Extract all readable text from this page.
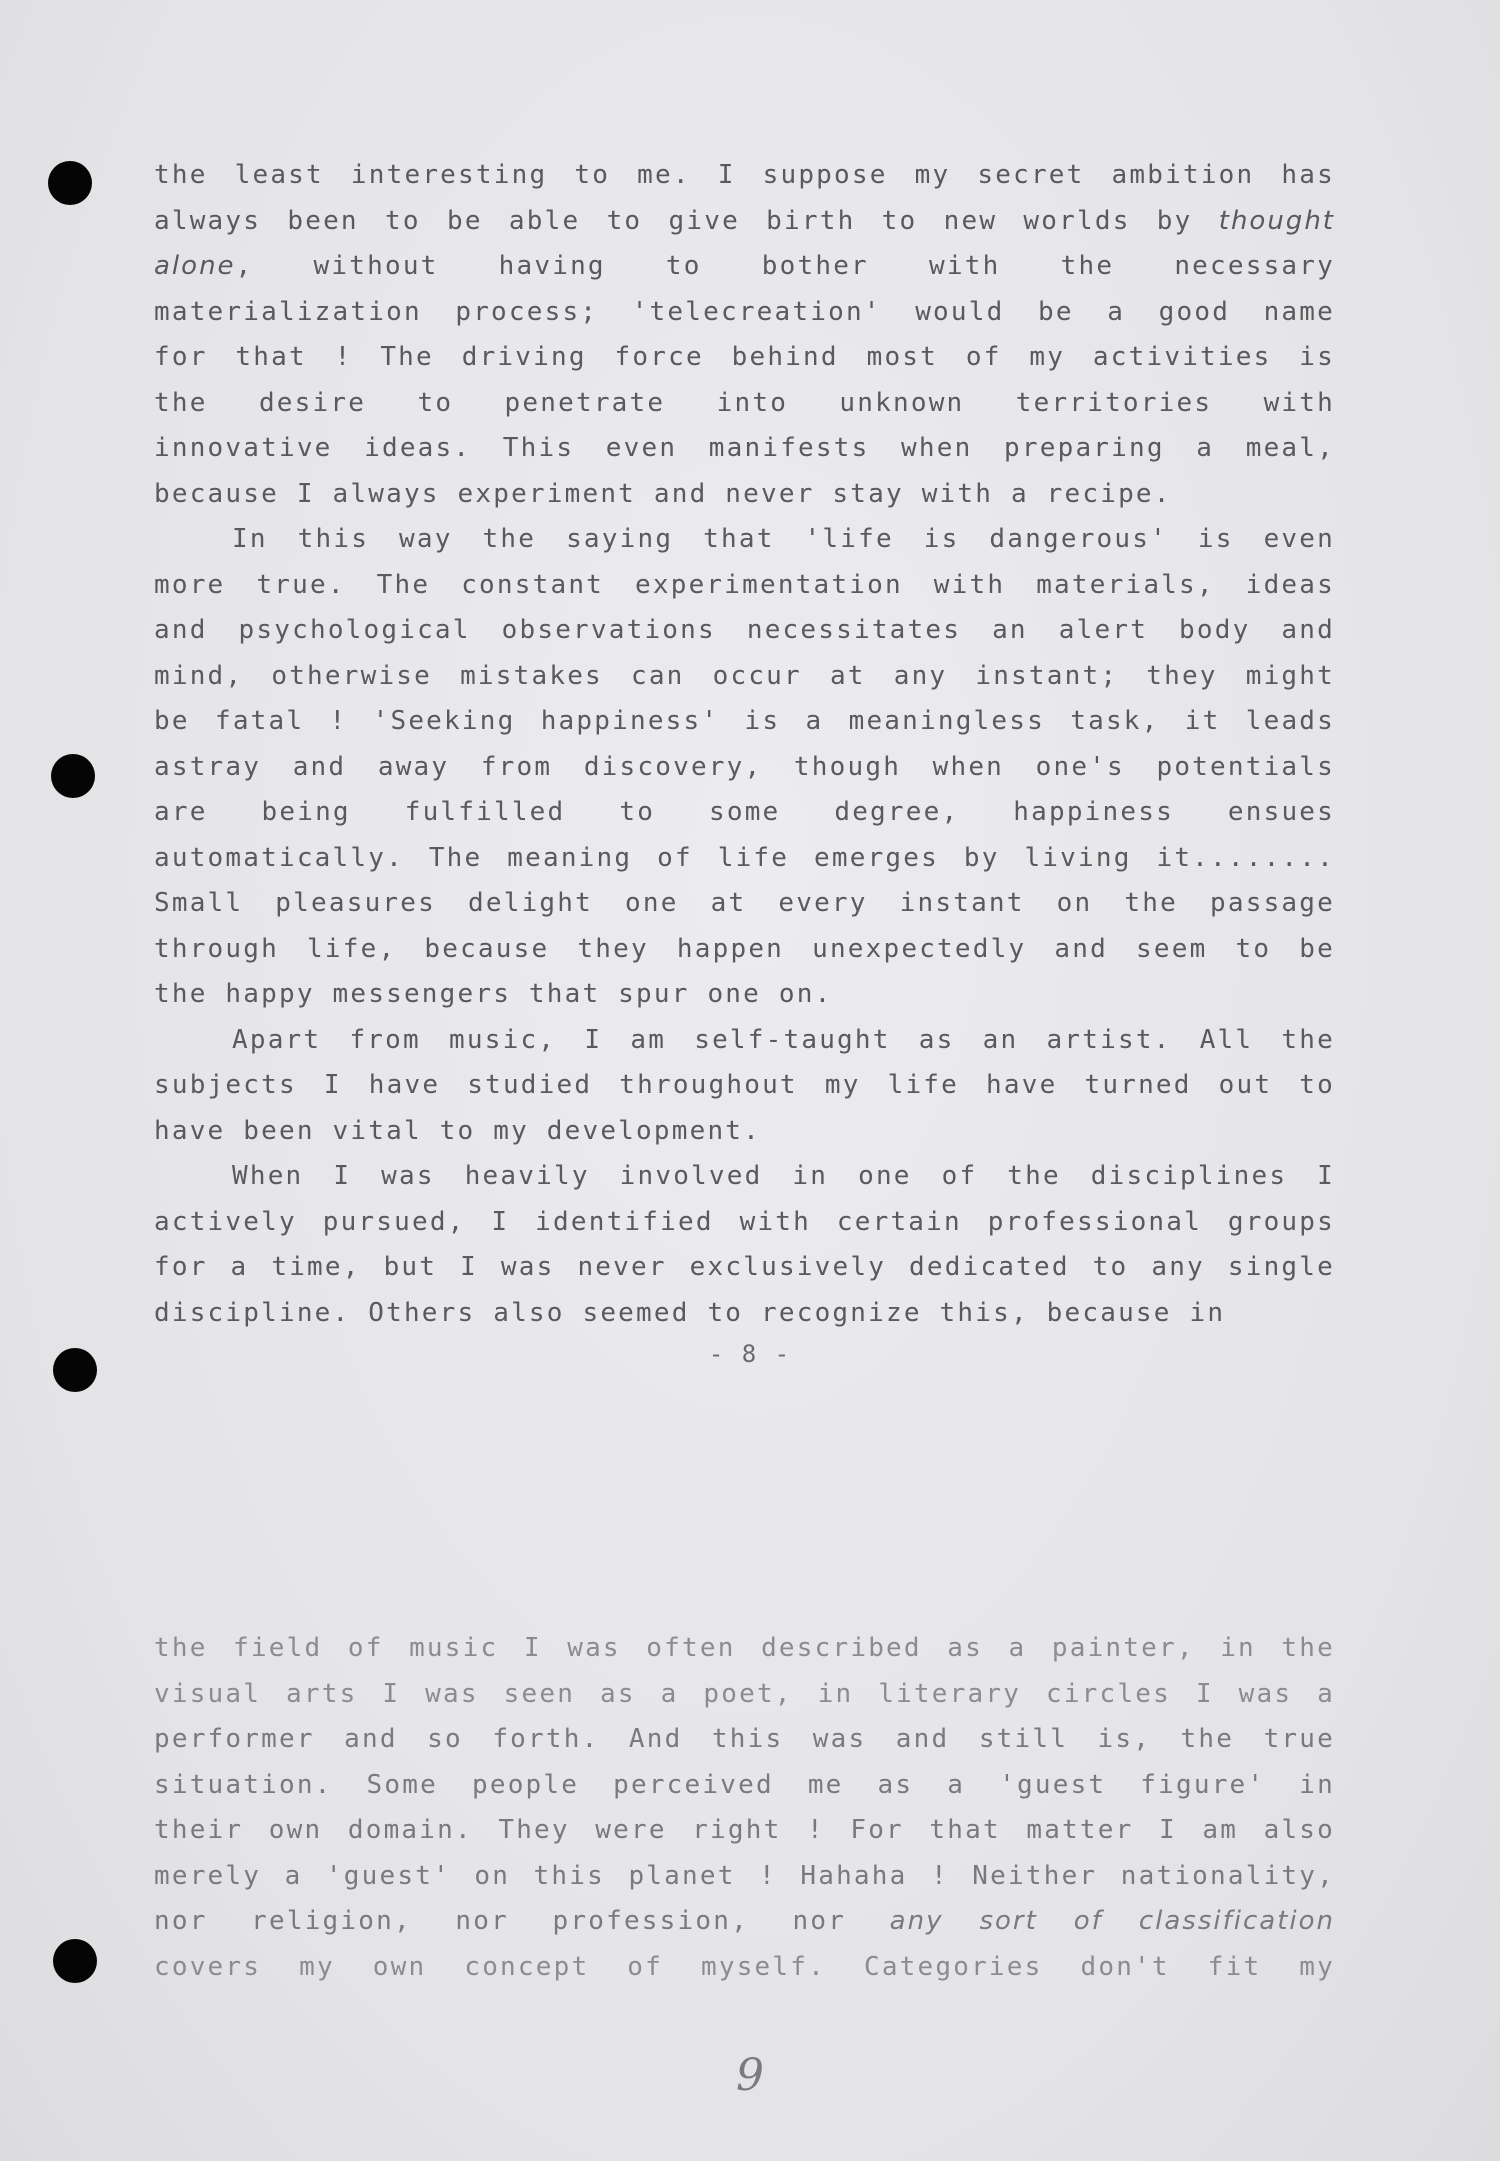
the least interesting to me. I suppose my secret ambition has
always been to be able to give birth to new worlds by thought
alone, without having to bother with the necessary
materialization process; 'telecreation' would be a good name
for that ! The driving force behind most of my activities is
the desire to penetrate into unknown territories with
innovative ideas. This even manifests when preparing a meal,
because I always experiment and never stay with a recipe.
In this way the saying that 'life is dangerous' is even
more true. The constant experimentation with materials, ideas
and psychological observations necessitates an alert body and
mind, otherwise mistakes can occur at any instant; they might
be fatal ! 'Seeking happiness' is a meaningless task, it leads
astray and away from discovery, though when one's potentials
are being fulfilled to some degree, happiness ensues
automatically. The meaning of life emerges by living it........
Small pleasures delight one at every instant on the passage
through life, because they happen unexpectedly and seem to be
the happy messengers that spur one on.
Apart from music, I am self-taught as an artist. All the
subjects I have studied throughout my life have turned out to
have been vital to my development.
When I was heavily involved in one of the disciplines I
actively pursued, I identified with certain professional groups
for a time, but I was never exclusively dedicated to any single
discipline. Others also seemed to recognize this, because in
- 8 -
the field of music I was often described as a painter, in the
visual arts I was seen as a poet, in literary circles I was a
performer and so forth. And this was and still is, the true
situation. Some people perceived me as a 'guest figure' in
their own domain. They were right ! For that matter I am also
merely a 'guest' on this planet ! Hahaha ! Neither nationality,
nor religion, nor profession, nor any sort of classification
covers my own concept of myself. Categories don't fit my
9
